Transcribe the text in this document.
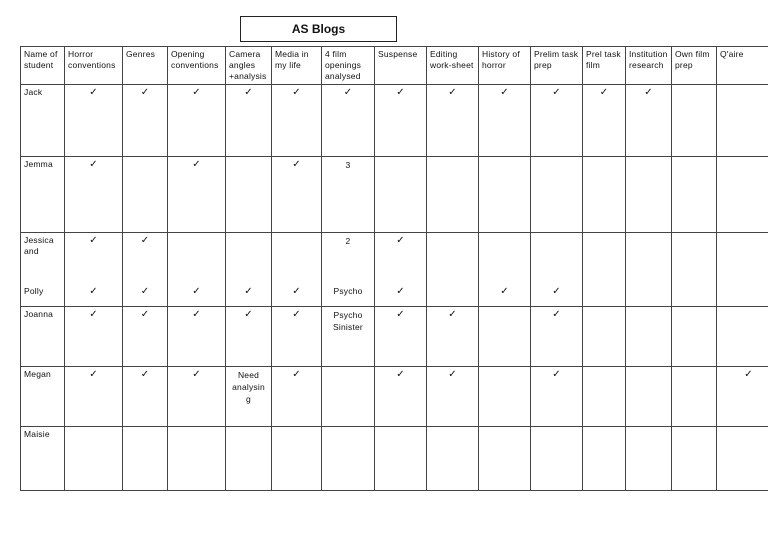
AS Blogs
Name of student	Horror conventions	Genres	Opening conventions	Camera angles +analysis	Media in my life	4 film openings analysed	Suspense	Editing work-sheet	History of horror	Prelim task prep	Prel task film	Institution research	Own film prep	Q'aire
Jack	✓	✓	✓	✓	✓	✓	✓	✓	✓	✓	✓	✓		
Jemma	✓		✓		✓	3								

Jessica and	✓	✓				2	✓							
Polly	✓	✓	✓	✓	✓	Psycho	✓		✓	✓				
Joanna	✓	✓	✓	✓	✓	Psycho Sinister	✓	✓		✓				
Megan	✓	✓	✓	Need analysin g	✓		✓	✓		✓				✓
Maisie														
